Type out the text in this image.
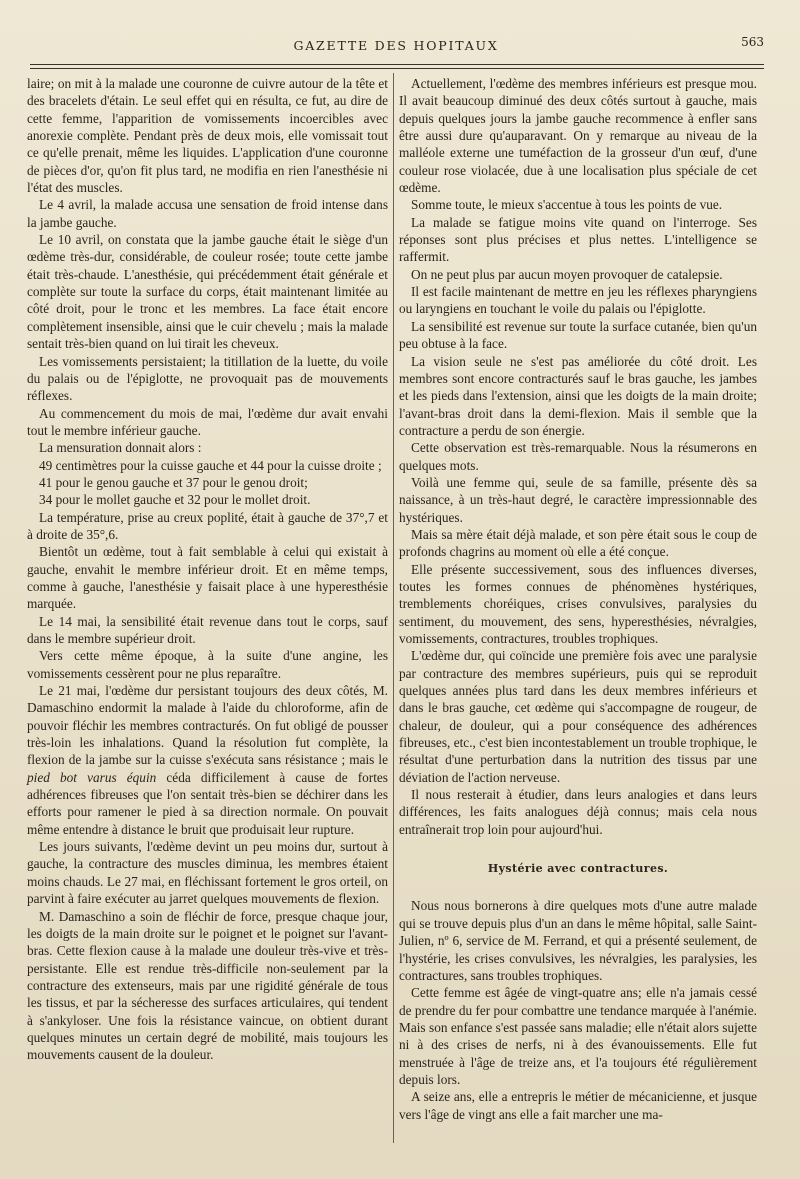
GAZETTE DES HOPITAUX	563

laire; on mit à la malade une couronne de cuivre autour de la tête et des bracelets d'étain. Le seul effet qui en résulta, ce fut, au dire de cette femme, l'apparition de vomissements incoercibles avec anorexie complète. Pendant près de deux mois, elle vomissait tout ce qu'elle prenait, même les liquides. L'application d'une couronne de pièces d'or, qu'on fit plus tard, ne modifia en rien l'anesthésie ni l'état des muscles.

Le 4 avril, la malade accusa une sensation de froid intense dans la jambe gauche.

Le 10 avril, on constata que la jambe gauche était le siège d'un œdème très-dur, considérable, de couleur rosée; toute cette jambe était très-chaude. L'anesthésie, qui précédemment était générale et complète sur toute la surface du corps, était maintenant limitée au côté droit, pour le tronc et les membres. La face était encore complètement insensible, ainsi que le cuir chevelu ; mais la malade sentait très-bien quand on lui tirait les cheveux.

Les vomissements persistaient; la titillation de la luette, du voile du palais ou de l'épiglotte, ne provoquait pas de mouvements réflexes.

Au commencement du mois de mai, l'œdème dur avait envahi tout le membre inférieur gauche.

La mensuration donnait alors :

49 centimètres pour la cuisse gauche et 44 pour la cuisse droite ;

41 pour le genou gauche et 37 pour le genou droit;

34 pour le mollet gauche et 32 pour le mollet droit.

La température, prise au creux poplité, était à gauche de 37°,7 et à droite de 35°,6.

Bientôt un œdème, tout à fait semblable à celui qui existait à gauche, envahit le membre inférieur droit. Et en même temps, comme à gauche, l'anesthésie y faisait place à une hyperesthésie marquée.

Le 14 mai, la sensibilité était revenue dans tout le corps, sauf dans le membre supérieur droit.

Vers cette même époque, à la suite d'une angine, les vomissements cessèrent pour ne plus reparaître.

Le 21 mai, l'œdème dur persistant toujours des deux côtés, M. Damaschino endormit la malade à l'aide du chloroforme, afin de pouvoir fléchir les membres contracturés. On fut obligé de pousser très-loin les inhalations. Quand la résolution fut complète, la flexion de la jambe sur la cuisse s'exécuta sans résistance ; mais le pied bot varus équin céda difficilement à cause de fortes adhérences fibreuses que l'on sentait très-bien se déchirer dans les efforts pour ramener le pied à sa direction normale. On pouvait même entendre à distance le bruit que produisait leur rupture.

Les jours suivants, l'œdème devint un peu moins dur, surtout à gauche, la contracture des muscles diminua, les membres étaient moins chauds. Le 27 mai, en fléchissant fortement le gros orteil, on parvint à faire exécuter au jarret quelques mouvements de flexion.

M. Damaschino a soin de fléchir de force, presque chaque jour, les doigts de la main droite sur le poignet et le poignet sur l'avant-bras. Cette flexion cause à la malade une douleur très-vive et très-persistante. Elle est rendue très-difficile non-seulement par la contracture des extenseurs, mais par une rigidité générale de tous les tissus, et par la sécheresse des surfaces articulaires, qui tendent à s'ankyloser. Une fois la résistance vaincue, on obtient durant quelques minutes un certain degré de mobilité, mais toujours les mouvements causent de la douleur.

Actuellement, l'œdème des membres inférieurs est presque mou. Il avait beaucoup diminué des deux côtés surtout à gauche, mais depuis quelques jours la jambe gauche recommence à enfler sans être aussi dure qu'auparavant. On y remarque au niveau de la malléole externe une tuméfaction de la grosseur d'un œuf, d'une couleur rose violacée, due à une localisation plus spéciale de cet œdème.

Somme toute, le mieux s'accentue à tous les points de vue.

La malade se fatigue moins vite quand on l'interroge. Ses réponses sont plus précises et plus nettes. L'intelligence se raffermit.

On ne peut plus par aucun moyen provoquer de catalepsie.

Il est facile maintenant de mettre en jeu les réflexes pharyngiens ou laryngiens en touchant le voile du palais ou l'épiglotte.

La sensibilité est revenue sur toute la surface cutanée, bien qu'un peu obtuse à la face.

La vision seule ne s'est pas améliorée du côté droit. Les membres sont encore contracturés sauf le bras gauche, les jambes et les pieds dans l'extension, ainsi que les doigts de la main droite; l'avant-bras droit dans la demi-flexion. Mais il semble que la contracture a perdu de son énergie.

Cette observation est très-remarquable. Nous la résumerons en quelques mots.

Voilà une femme qui, seule de sa famille, présente dès sa naissance, à un très-haut degré, le caractère impressionnable des hystériques.

Mais sa mère était déjà malade, et son père était sous le coup de profonds chagrins au moment où elle a été conçue.

Elle présente successivement, sous des influences diverses, toutes les formes connues de phénomènes hystériques, tremblements choréiques, crises convulsives, paralysies du sentiment, du mouvement, des sens, hyperesthésies, névralgies, vomissements, contractures, troubles trophiques.

L'œdème dur, qui coïncide une première fois avec une paralysie par contracture des membres supérieurs, puis qui se reproduit quelques années plus tard dans les deux membres inférieurs et dans le bras gauche, cet œdème qui s'accompagne de rougeur, de chaleur, de douleur, qui a pour conséquence des adhérences fibreuses, etc., c'est bien incontestablement un trouble trophique, le résultat d'une perturbation dans la nutrition des tissus par une déviation de l'action nerveuse.

Il nous resterait à étudier, dans leurs analogies et dans leurs différences, les faits analogues déjà connus; mais cela nous entraînerait trop loin pour aujourd'hui.

Hystérie avec contractures.

Nous nous bornerons à dire quelques mots d'une autre malade qui se trouve depuis plus d'un an dans le même hôpital, salle Saint-Julien, nº 6, service de M. Ferrand, et qui a présenté seulement, de l'hystérie, les crises convulsives, les névralgies, les paralysies, les contractures, sans troubles trophiques.

Cette femme est âgée de vingt-quatre ans; elle n'a jamais cessé de prendre du fer pour combattre une tendance marquée à l'anémie. Mais son enfance s'est passée sans maladie; elle n'était alors sujette ni à des crises de nerfs, ni à des évanouissements. Elle fut menstruée à l'âge de treize ans, et l'a toujours été régulièrement depuis lors.

A seize ans, elle a entrepris le métier de mécanicienne, et jusque vers l'âge de vingt ans elle a fait marcher une ma-
